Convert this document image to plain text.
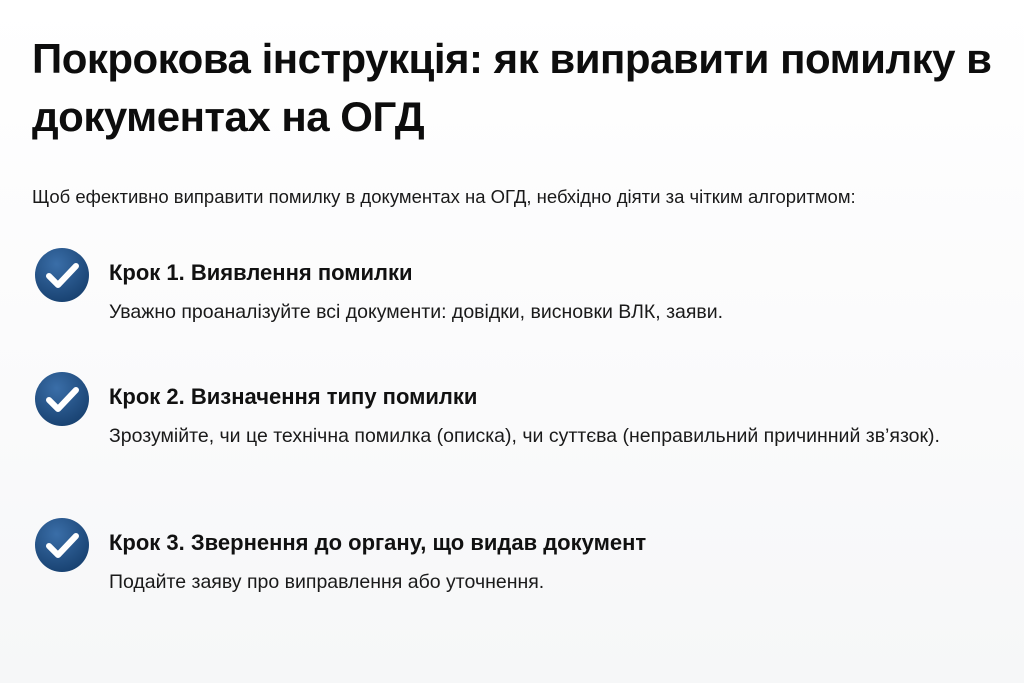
Покрокова інструкція: як виправити помилку в документах на ОГД

Щоб ефективно виправити помилку в документах на ОГД, небхідно діяти за чітким алгоритмом:

Крок 1. Виявлення помилки

Уважно проаналізуйте всі документи: довідки, висновки ВЛК, заяви.

Крок 2. Визначення типу помилки

Зрозумійте, чи це технічна помилка (описка), чи суттєва (неправильний причинний зв’язок).

Крок 3. Звернення до органу, що видав документ

Подайте заяву про виправлення або уточнення.
